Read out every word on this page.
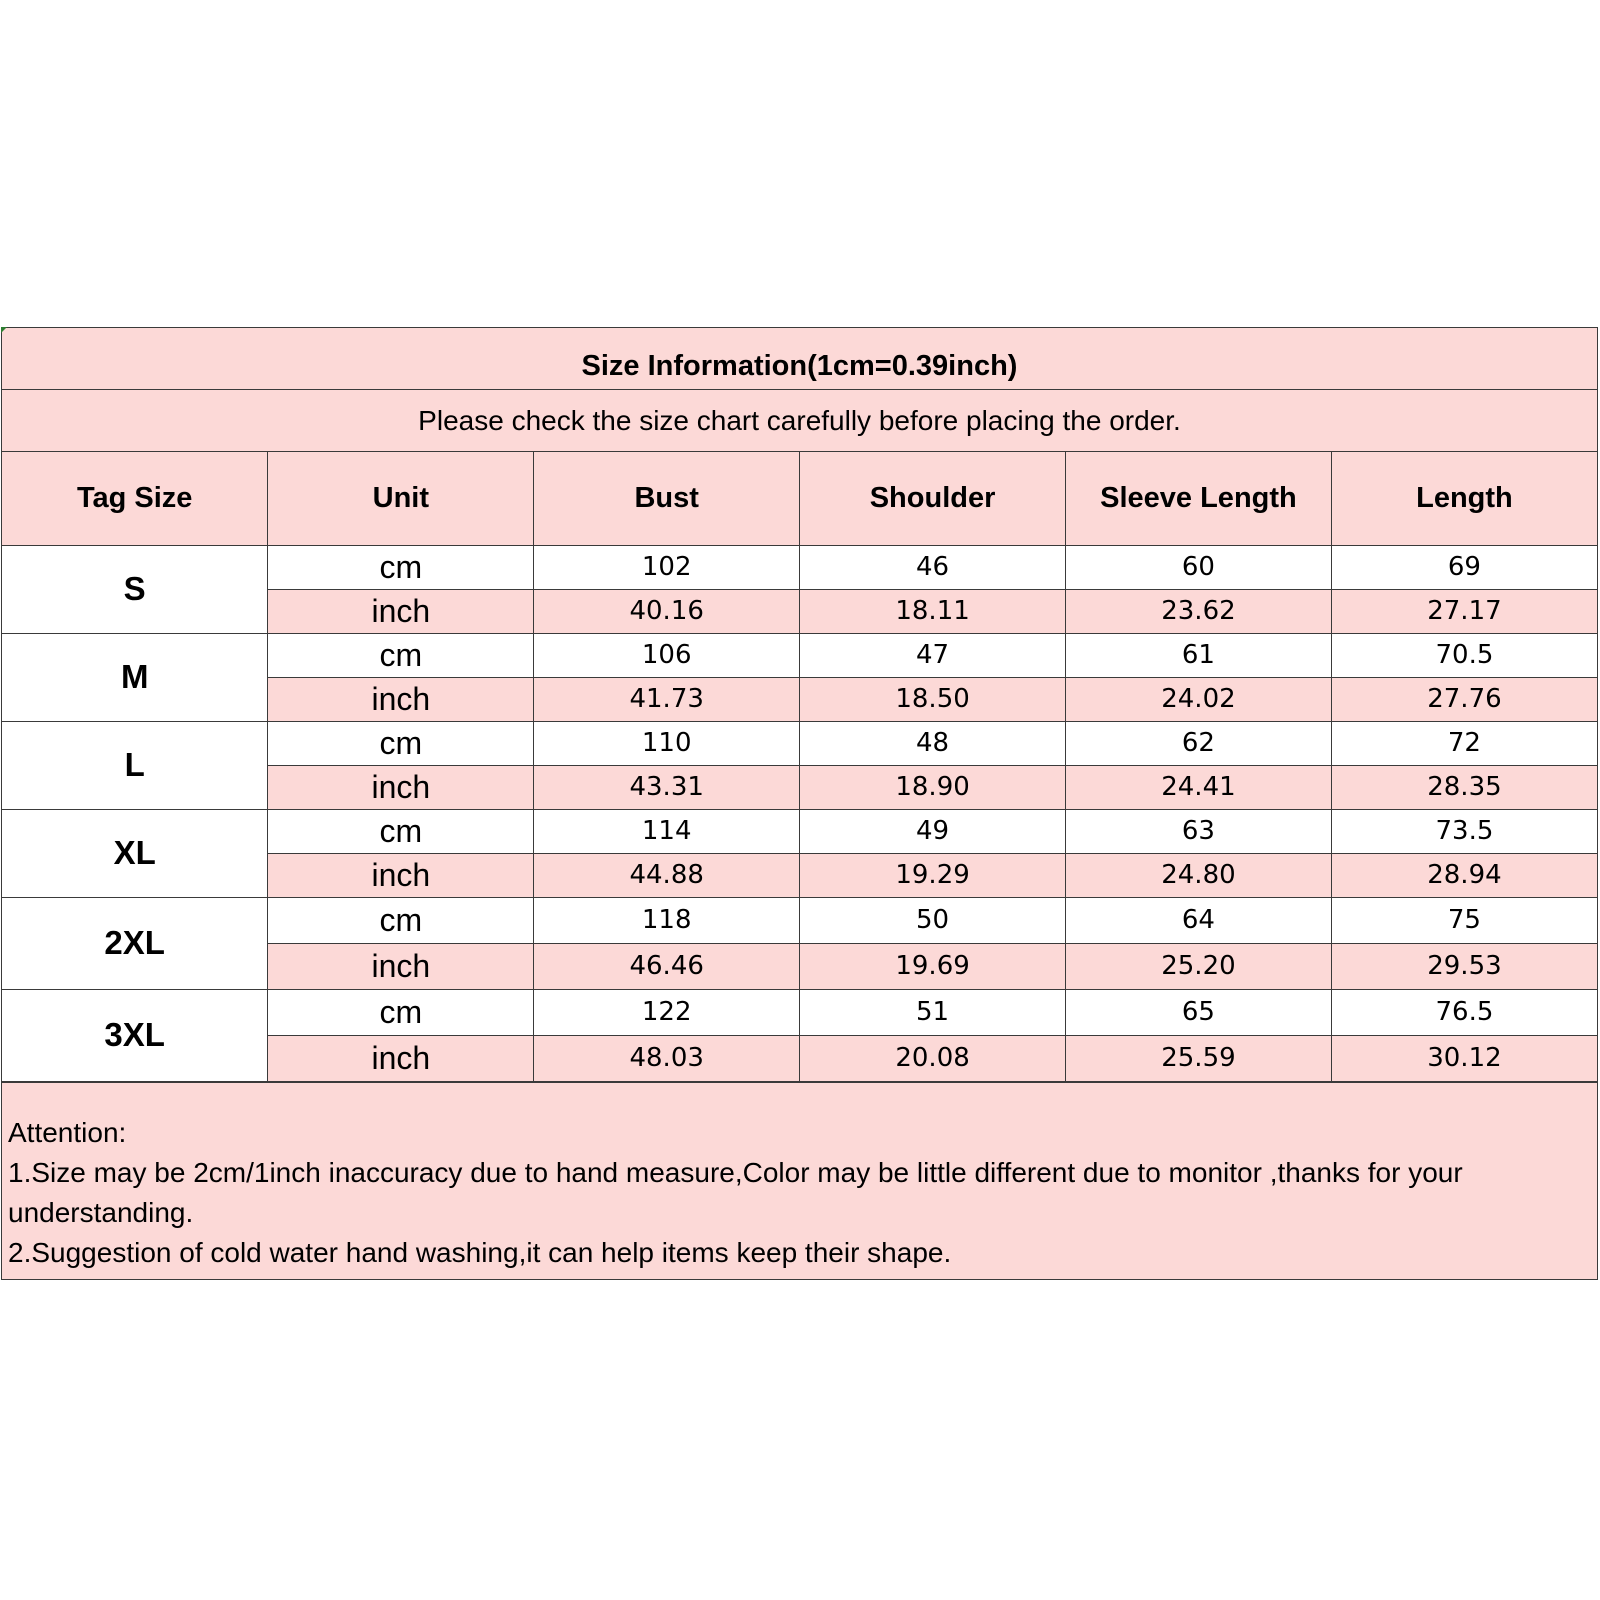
Size Information(1cm=0.39inch)
Please check the size chart carefully before placing the order.
Tag Size	Unit	Bust	Shoulder	Sleeve Length	Length
S	cm	102	46	60	69
	inch	40.16	18.11	23.62	27.17
M	cm	106	47	61	70.5
	inch	41.73	18.50	24.02	27.76
L	cm	110	48	62	72
	inch	43.31	18.90	24.41	28.35
XL	cm	114	49	63	73.5
	inch	44.88	19.29	24.80	28.94
2XL	cm	118	50	64	75
	inch	46.46	19.69	25.20	29.53
3XL	cm	122	51	65	76.5
	inch	48.03	20.08	25.59	30.12
Attention:
1.Size may be 2cm/1inch inaccuracy due to hand measure,Color may be little different due to monitor ,thanks for your understanding.
2.Suggestion of cold water hand washing,it can help items keep their shape.
